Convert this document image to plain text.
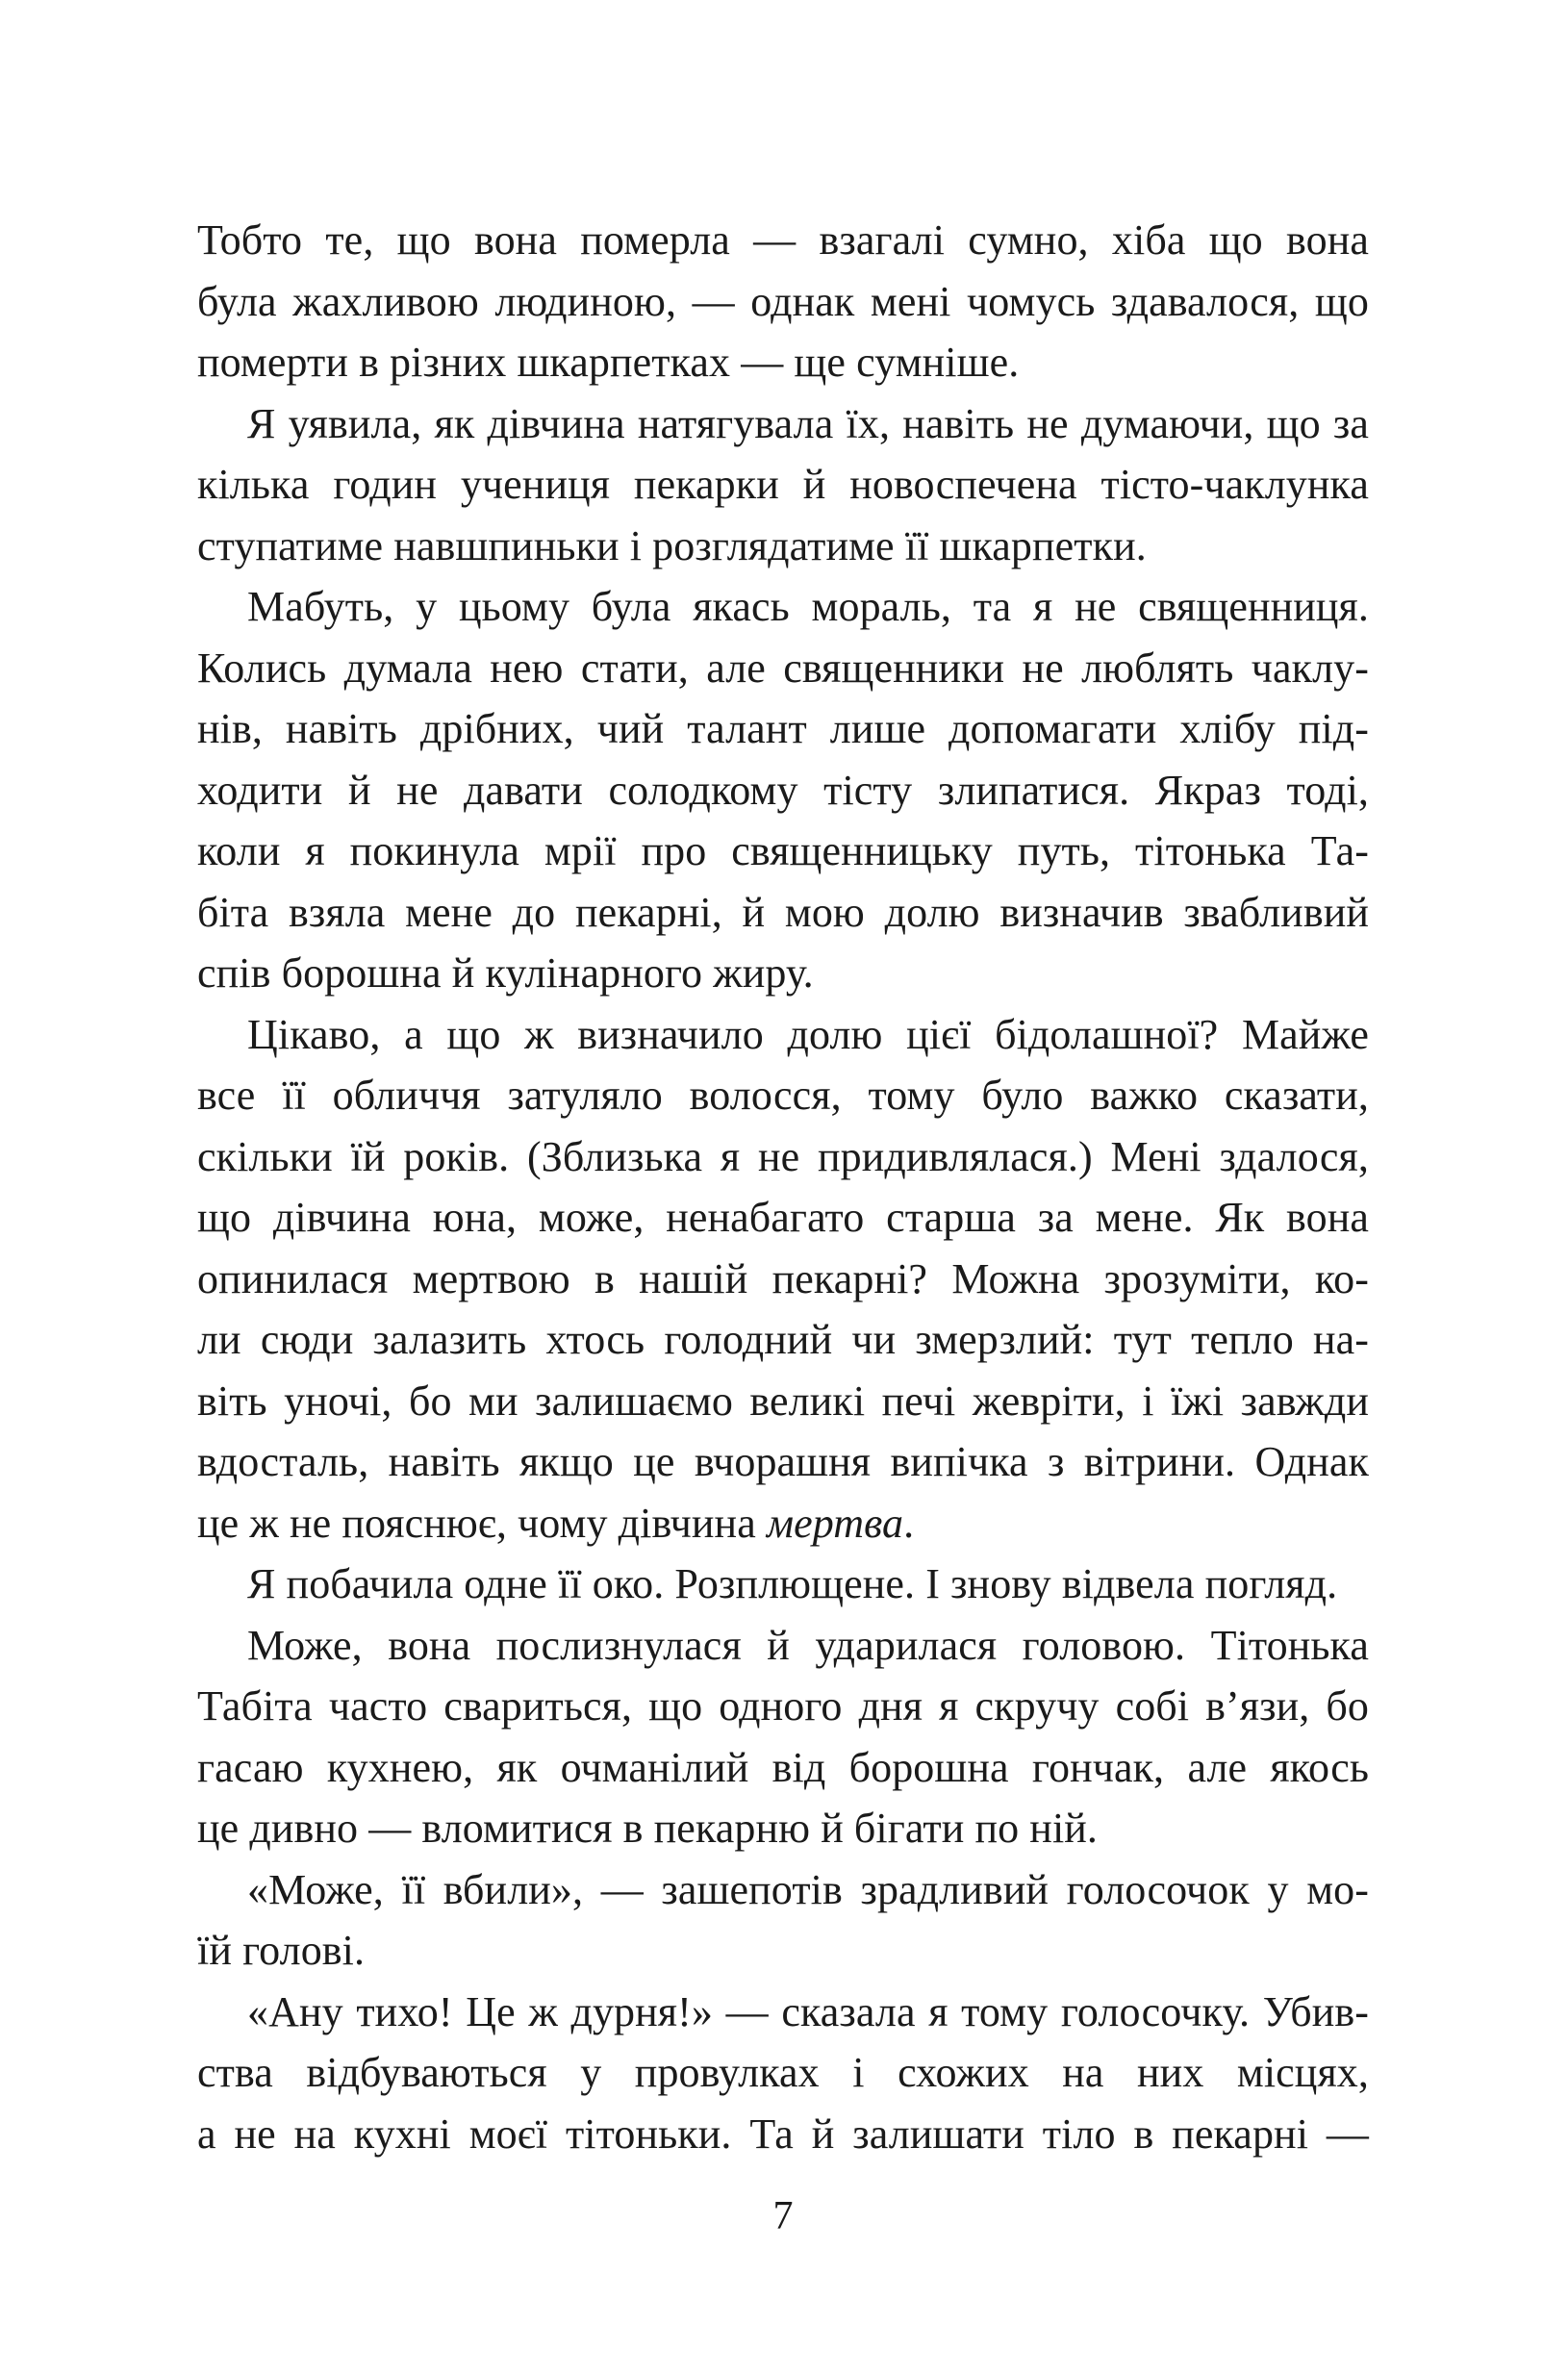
Тобто те, що вона померла — взагалі сумно, хіба що вона
була жахливою людиною, — однак мені чомусь здавалося, що
померти в різних шкарпетках — ще сумніше.
Я уявила, як дівчина натягувала їх, навіть не думаючи, що за
кілька годин учениця пекарки й новоспечена тісто-чаклунка
ступатиме навшпиньки і розглядатиме її шкарпетки.
Мабуть, у цьому була якась мораль, та я не священниця.
Колись думала нею стати, але священники не люблять чаклу-
нів, навіть дрібних, чий талант лише допомагати хлібу під-
ходити й не давати солодкому тісту злипатися. Якраз тоді,
коли я покинула мрії про священницьку путь, тітонька Та-
біта взяла мене до пекарні, й мою долю визначив звабливий
спів борошна й кулінарного жиру.
Цікаво, а що ж визначило долю цієї бідолашної? Майже
все її обличчя затуляло волосся, тому було важко сказати,
скільки їй років. (Зблизька я не придивлялася.) Мені здалося,
що дівчина юна, може, ненабагато старша за мене. Як вона
опинилася мертвою в нашій пекарні? Можна зрозуміти, ко-
ли сюди залазить хтось голодний чи змерзлий: тут тепло на-
віть уночі, бо ми залишаємо великі печі жевріти, і їжі завжди
вдосталь, навіть якщо це вчорашня випічка з вітрини. Однак
це ж не пояснює, чому дівчина мертва.
Я побачила одне її око. Розплющене. І знову відвела погляд.
Може, вона послизнулася й ударилася головою. Тітонька
Табіта часто свариться, що одного дня я скручу собі в’язи, бо
гасаю кухнею, як очманілий від борошна гончак, але якось
це дивно — вломитися в пекарню й бігати по ній.
«Може, її вбили», — зашепотів зрадливий голосочок у мо-
їй голові.
«Ану тихо! Це ж дурня!» — сказала я тому голосочку. Убив-
ства відбуваються у провулках і схожих на них місцях,
а не на кухні моєї тітоньки. Та й залишати тіло в пекарні —
7
